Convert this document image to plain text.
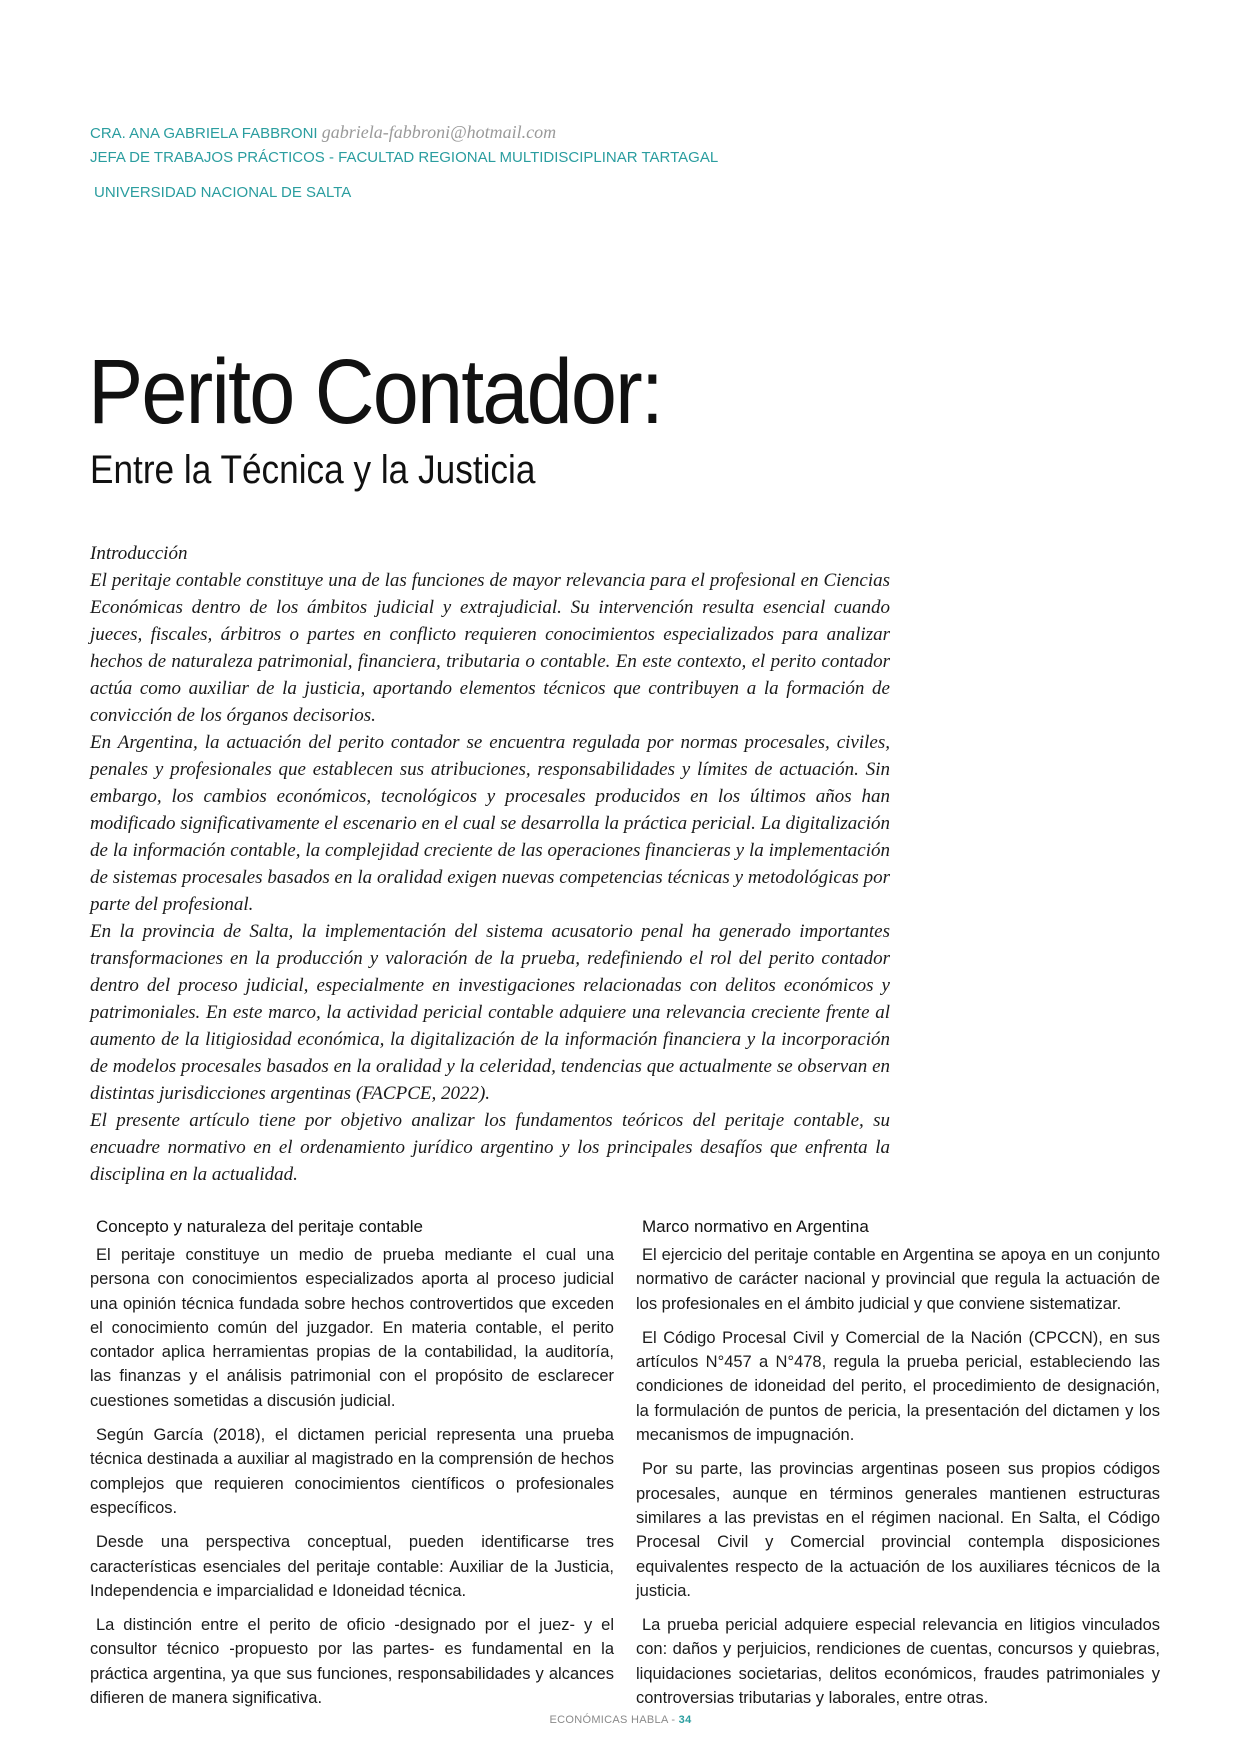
CRA. ANA GABRIELA FABBRONI gabriela-fabbroni@hotmail.com
JEFA DE TRABAJOS PRÁCTICOS - FACULTAD REGIONAL MULTIDISCIPLINAR TARTAGAL
UNIVERSIDAD NACIONAL DE SALTA
Perito Contador:
Entre la Técnica y la Justicia

Introducción

El peritaje contable constituye una de las funciones de mayor relevancia para el profesional en Ciencias Económicas dentro de los ámbitos judicial y extrajudicial. Su intervención resulta esencial cuando jueces, fiscales, árbitros o partes en conflicto requieren conocimientos especializados para analizar hechos de naturaleza patrimonial, financiera, tributaria o contable. En este contexto, el perito contador actúa como auxiliar de la justicia, aportando elementos técnicos que contribuyen a la formación de convicción de los órganos decisorios.

En Argentina, la actuación del perito contador se encuentra regulada por normas procesales, civiles, penales y profesionales que establecen sus atribuciones, responsabilidades y límites de actuación. Sin embargo, los cambios económicos, tecnológicos y procesales producidos en los últimos años han modificado significativamente el escenario en el cual se desarrolla la práctica pericial. La digitalización de la información contable, la complejidad creciente de las operaciones financieras y la implementación de sistemas procesales basados en la oralidad exigen nuevas competencias técnicas y metodológicas por parte del profesional.

En la provincia de Salta, la implementación del sistema acusatorio penal ha generado importantes transformaciones en la producción y valoración de la prueba, redefiniendo el rol del perito contador dentro del proceso judicial, especialmente en investigaciones relacionadas con delitos económicos y patrimoniales. En este marco, la actividad pericial contable adquiere una relevancia creciente frente al aumento de la litigiosidad económica, la digitalización de la información financiera y la incorporación de modelos procesales basados en la oralidad y la celeridad, tendencias que actualmente se observan en distintas jurisdicciones argentinas (FACPCE, 2022).

El presente artículo tiene por objetivo analizar los fundamentos teóricos del peritaje contable, su encuadre normativo en el ordenamiento jurídico argentino y los principales desafíos que enfrenta la disciplina en la actualidad.

Concepto y naturaleza del peritaje contable

El peritaje constituye un medio de prueba mediante el cual una persona con conocimientos especializados aporta al proceso judicial una opinión técnica fundada sobre hechos controvertidos que exceden el conocimiento común del juzgador. En materia contable, el perito contador aplica herramientas propias de la contabilidad, la auditoría, las finanzas y el análisis patrimonial con el propósito de esclarecer cuestiones sometidas a discusión judicial.

Según García (2018), el dictamen pericial representa una prueba técnica destinada a auxiliar al magistrado en la comprensión de hechos complejos que requieren conocimientos científicos o profesionales específicos.

Desde una perspectiva conceptual, pueden identificarse tres características esenciales del peritaje contable: Auxiliar de la Justicia, Independencia e imparcialidad e Idoneidad técnica.

La distinción entre el perito de oficio -designado por el juez- y el consultor técnico -propuesto por las partes- es fundamental en la práctica argentina, ya que sus funciones, responsabilidades y alcances difieren de manera significativa.

Marco normativo en Argentina

El ejercicio del peritaje contable en Argentina se apoya en un conjunto normativo de carácter nacional y provincial que regula la actuación de los profesionales en el ámbito judicial y que conviene sistematizar.

El Código Procesal Civil y Comercial de la Nación (CPCCN), en sus artículos N°457 a N°478, regula la prueba pericial, estableciendo las condiciones de idoneidad del perito, el procedimiento de designación, la formulación de puntos de pericia, la presentación del dictamen y los mecanismos de impugnación.

Por su parte, las provincias argentinas poseen sus propios códigos procesales, aunque en términos generales mantienen estructuras similares a las previstas en el régimen nacional. En Salta, el Código Procesal Civil y Comercial provincial contempla disposiciones equivalentes respecto de la actuación de los auxiliares técnicos de la justicia.

La prueba pericial adquiere especial relevancia en litigios vinculados con: daños y perjuicios, rendiciones de cuentas, concursos y quiebras, liquidaciones societarias, delitos económicos, fraudes patrimoniales y controversias tributarias y laborales, entre otras.

ECONÓMICAS HABLA - 34
